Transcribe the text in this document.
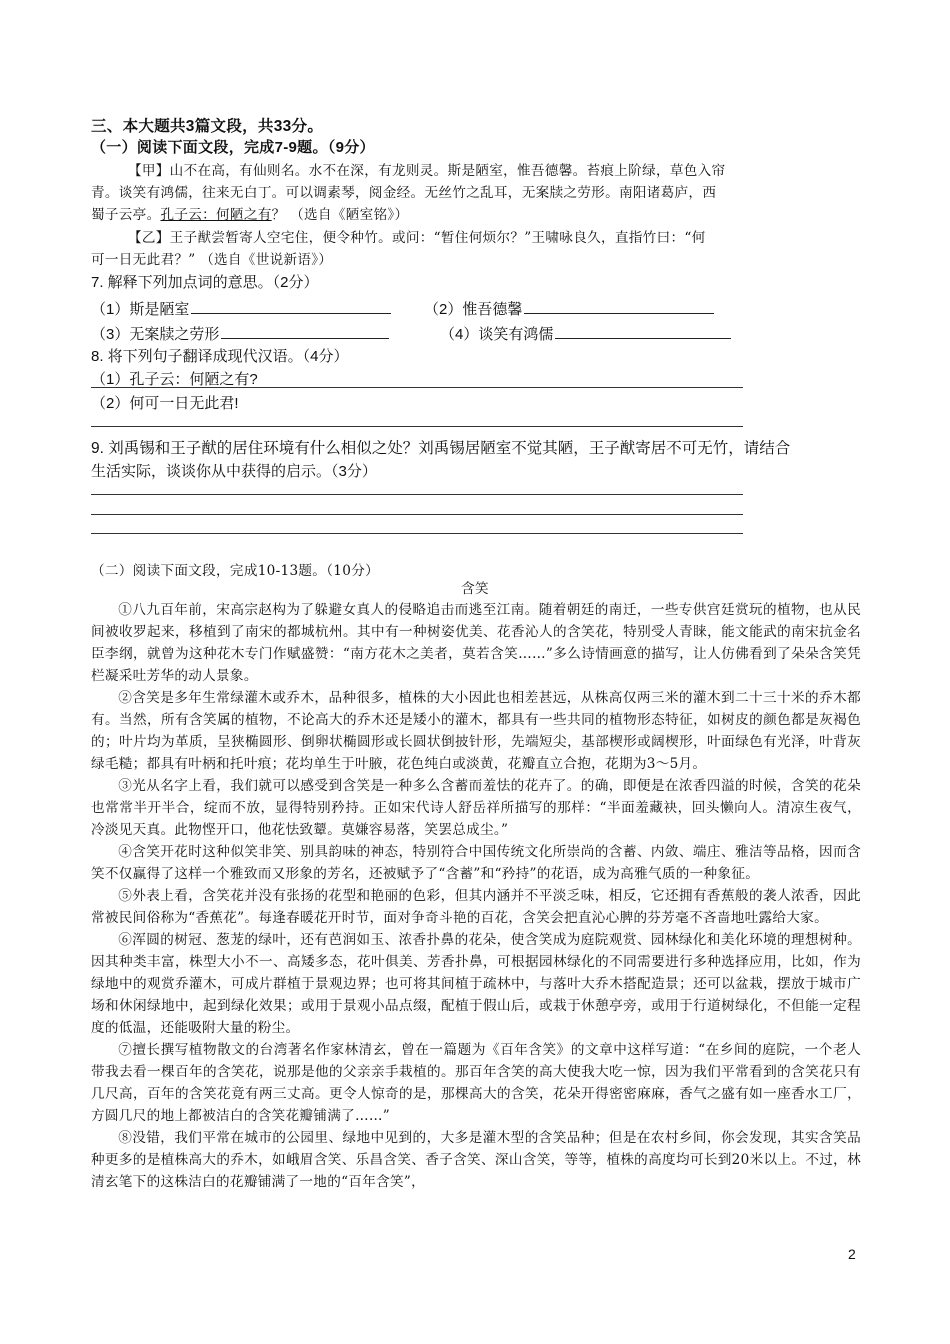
三、本大题共3篇文段，共33分。
（一）阅读下面文段，完成7-9题。（9分）
【甲】山不在高，有仙则名。水不在深，有龙则灵。斯是陋室，惟吾德馨。苔痕上阶绿，草色入帘
青。谈笑有鸿儒，往来无白丁。可以调素琴，阅金经。无丝竹之乱耳，无案牍之劳形。南阳诸葛庐，西
蜀子云亭。孔子云：何陋之有？ （选自《陋室铭》）
【乙】王子猷尝暂寄人空宅住，便令种竹。或问：“暂住何烦尔？”王啸咏良久，直指竹曰：“何
可一日无此君？” （选自《世说新语》）
7. 解释下列加点词的意思。（2分）
（1）斯是陋室	（2）惟吾德馨
（3）无案牍之劳形	（4）谈笑有鸿儒
8. 将下列句子翻译成现代汉语。（4分）
（1）孔子云：何陋之有?
（2）何可一日无此君!
9. 刘禹锡和王子猷的居住环境有什么相似之处？刘禹锡居陋室不觉其陋，王子猷寄居不可无竹，请结合
生活实际，谈谈你从中获得的启示。（3分）
（二）阅读下面文段，完成10-13题。（10分）
含笑

①八九百年前，宋高宗赵构为了躲避女真人的侵略追击而逃至江南。随着朝廷的南迁，一些专供宫廷赏玩的植物，也从民间被收罗起来，移植到了南宋的都城杭州。其中有一种树姿优美、花香沁人的含笑花，特别受人青睐，能文能武的南宋抗金名臣李纲，就曾为这种花木专门作赋盛赞：“南方花木之美者，莫若含笑……”多么诗情画意的描写，让人仿佛看到了朵朵含笑凭栏凝采吐芳华的动人景象。

②含笑是多年生常绿灌木或乔木，品种很多，植株的大小因此也相差甚远，从株高仅两三米的灌木到二十三十米的乔木都有。当然，所有含笑属的植物，不论高大的乔木还是矮小的灌木，都具有一些共同的植物形态特征，如树皮的颜色都是灰褐色的；叶片均为革质，呈狭椭圆形、倒卵状椭圆形或长圆状倒披针形，先端短尖，基部楔形或阔楔形，叶面绿色有光泽，叶背灰绿毛糙；都具有叶柄和托叶痕；花均单生于叶腋，花色纯白或淡黄，花瓣直立合抱，花期为3～5月。

③光从名字上看，我们就可以感受到含笑是一种多么含蓄而羞怯的花卉了。的确，即便是在浓香四溢的时候，含笑的花朵也常常半开半合，绽而不放，显得特别矜持。正如宋代诗人舒岳祥所描写的那样：“半面羞藏袂，回头懒向人。清凉生夜气，冷淡见天真。此物悭开口，他花怯致颦。莫嫌容易落，笑罢总成尘。”

④含笑开花时这种似笑非笑、别具韵味的神态，特别符合中国传统文化所崇尚的含蓄、内敛、端庄、雅洁等品格，因而含笑不仅赢得了这样一个雅致而又形象的芳名，还被赋予了“含蓄”和“矜持”的花语，成为高雅气质的一种象征。

⑤外表上看，含笑花并没有张扬的花型和艳丽的色彩，但其内涵并不平淡乏味，相反，它还拥有香蕉般的袭人浓香，因此常被民间俗称为“香蕉花”。每逢春暖花开时节，面对争奇斗艳的百花，含笑会把直沁心脾的芬芳毫不吝啬地吐露给大家。

⑥浑圆的树冠、葱茏的绿叶，还有芭润如玉、浓香扑鼻的花朵，使含笑成为庭院观赏、园林绿化和美化环境的理想树种。因其种类丰富，株型大小不一、高矮多态，花叶俱美、芳香扑鼻，可根据园林绿化的不同需要进行多种选择应用，比如，作为绿地中的观赏乔灌木，可成片群植于景观边界；也可将其间植于疏林中，与落叶大乔木搭配造景；还可以盆栽，摆放于城市广场和休闲绿地中，起到绿化效果；或用于景观小品点缀，配植于假山后，或栽于休憩亭旁，或用于行道树绿化，不但能一定程度的低温，还能吸附大量的粉尘。

⑦擅长撰写植物散文的台湾著名作家林清玄，曾在一篇题为《百年含笑》的文章中这样写道：“在乡间的庭院，一个老人带我去看一棵百年的含笑花，说那是他的父亲亲手栽植的。那百年含笑的高大使我大吃一惊，因为我们平常看到的含笑花只有几尺高，百年的含笑花竟有两三丈高。更令人惊奇的是，那棵高大的含笑，花朵开得密密麻麻，香气之盛有如一座香水工厂，方圆几尺的地上都被洁白的含笑花瓣铺满了……”

⑧没错，我们平常在城市的公园里、绿地中见到的，大多是灌木型的含笑品种；但是在农村乡间，你会发现，其实含笑品种更多的是植株高大的乔木，如峨眉含笑、乐昌含笑、香子含笑、深山含笑，等等，植株的高度均可长到20米以上。不过，林清玄笔下的这株洁白的花瓣铺满了一地的“百年含笑”，

2
